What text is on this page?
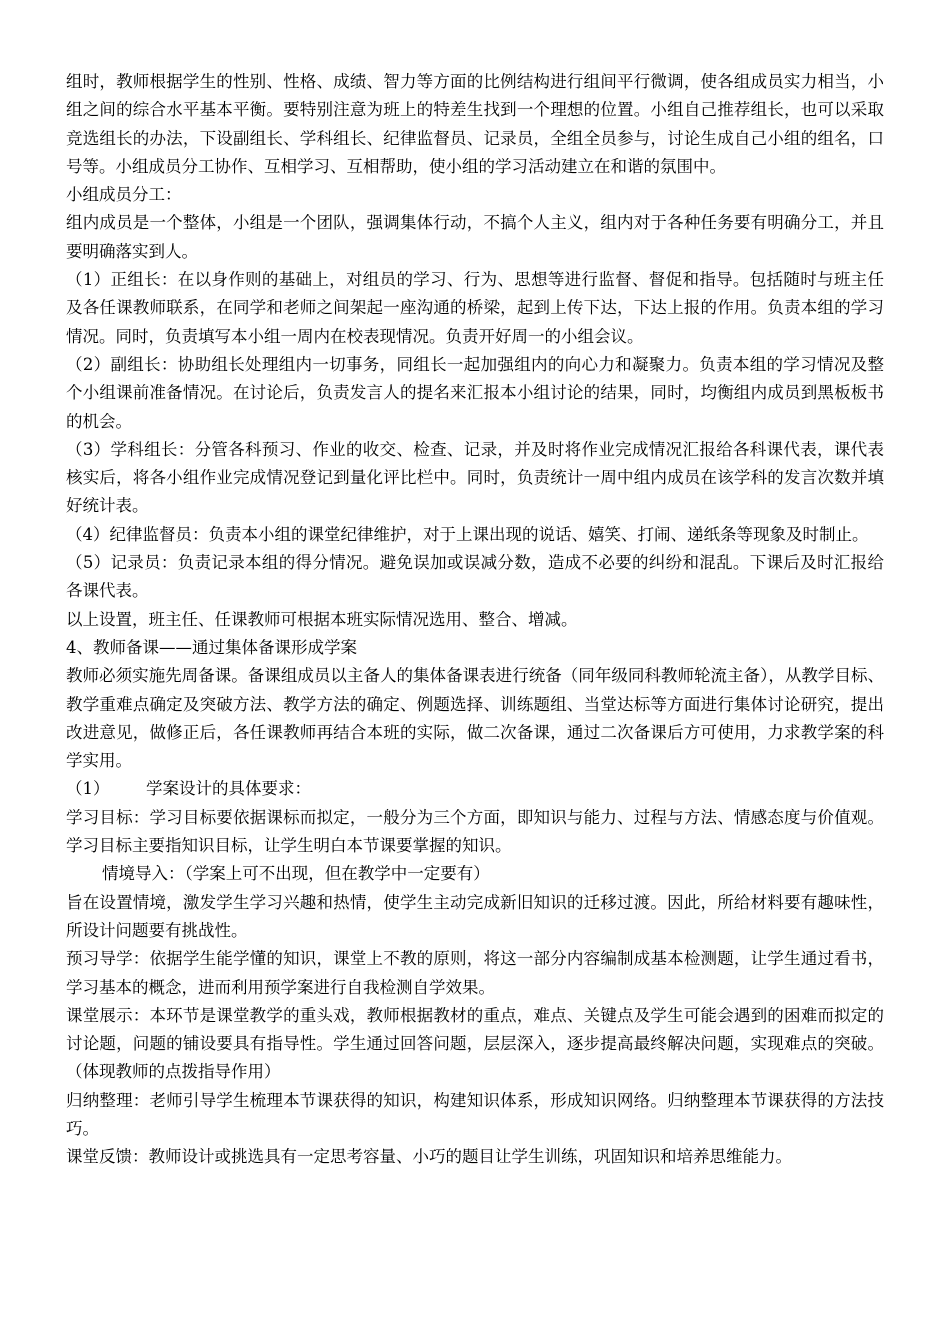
组时，教师根据学生的性别、性格、成绩、智力等方面的比例结构进行组间平行微调，使各组成员实力相当，小组之间的综合水平基本平衡。要特别注意为班上的特差生找到一个理想的位置。小组自己推荐组长，也可以采取竞选组长的办法，下设副组长、学科组长、纪律监督员、记录员，全组全员参与，讨论生成自己小组的组名，口号等。小组成员分工协作、互相学习、互相帮助，使小组的学习活动建立在和谐的氛围中。

小组成员分工：

组内成员是一个整体，小组是一个团队，强调集体行动，不搞个人主义，组内对于各种任务要有明确分工，并且要明确落实到人。

（1）正组长：在以身作则的基础上，对组员的学习、行为、思想等进行监督、督促和指导。包括随时与班主任及各任课教师联系，在同学和老师之间架起一座沟通的桥梁，起到上传下达，下达上报的作用。负责本组的学习情况。同时，负责填写本小组一周内在校表现情况。负责开好周一的小组会议。

（2）副组长：协助组长处理组内一切事务，同组长一起加强组内的向心力和凝聚力。负责本组的学习情况及整个小组课前准备情况。在讨论后，负责发言人的提名来汇报本小组讨论的结果，同时，均衡组内成员到黑板板书的机会。

（3）学科组长：分管各科预习、作业的收交、检查、记录，并及时将作业完成情况汇报给各科课代表，课代表核实后，将各小组作业完成情况登记到量化评比栏中。同时，负责统计一周中组内成员在该学科的发言次数并填好统计表。

（4）纪律监督员：负责本小组的课堂纪律维护，对于上课出现的说话、嬉笑、打闹、递纸条等现象及时制止。

（5）记录员：负责记录本组的得分情况。避免误加或误减分数，造成不必要的纠纷和混乱。下课后及时汇报给各课代表。

以上设置，班主任、任课教师可根据本班实际情况选用、整合、增减。

4、教师备课——通过集体备课形成学案

教师必须实施先周备课。备课组成员以主备人的集体备课表进行统备（同年级同科教师轮流主备），从教学目标、教学重难点确定及突破方法、教学方法的确定、例题选择、训练题组、当堂达标等方面进行集体讨论研究，提出改进意见，做修正后，各任课教师再结合本班的实际，做二次备课，通过二次备课后方可使用，力求教学案的科学实用。

（1） 学案设计的具体要求：

学习目标：学习目标要依据课标而拟定，一般分为三个方面，即知识与能力、过程与方法、情感态度与价值观。学习目标主要指知识目标，让学生明白本节课要掌握的知识。

情境导入：（学案上可不出现，但在教学中一定要有）

旨在设置情境，激发学生学习兴趣和热情，使学生主动完成新旧知识的迁移过渡。因此，所给材料要有趣味性，所设计问题要有挑战性。

预习导学：依据学生能学懂的知识，课堂上不教的原则，将这一部分内容编制成基本检测题，让学生通过看书，学习基本的概念，进而利用预学案进行自我检测自学效果。

课堂展示：本环节是课堂教学的重头戏，教师根据教材的重点，难点、关键点及学生可能会遇到的困难而拟定的讨论题，问题的铺设要具有指导性。学生通过回答问题，层层深入，逐步提高最终解决问题，实现难点的突破。（体现教师的点拨指导作用）

归纳整理：老师引导学生梳理本节课获得的知识，构建知识体系，形成知识网络。归纳整理本节课获得的方法技巧。

课堂反馈：教师设计或挑选具有一定思考容量、小巧的题目让学生训练，巩固知识和培养思维能力。
